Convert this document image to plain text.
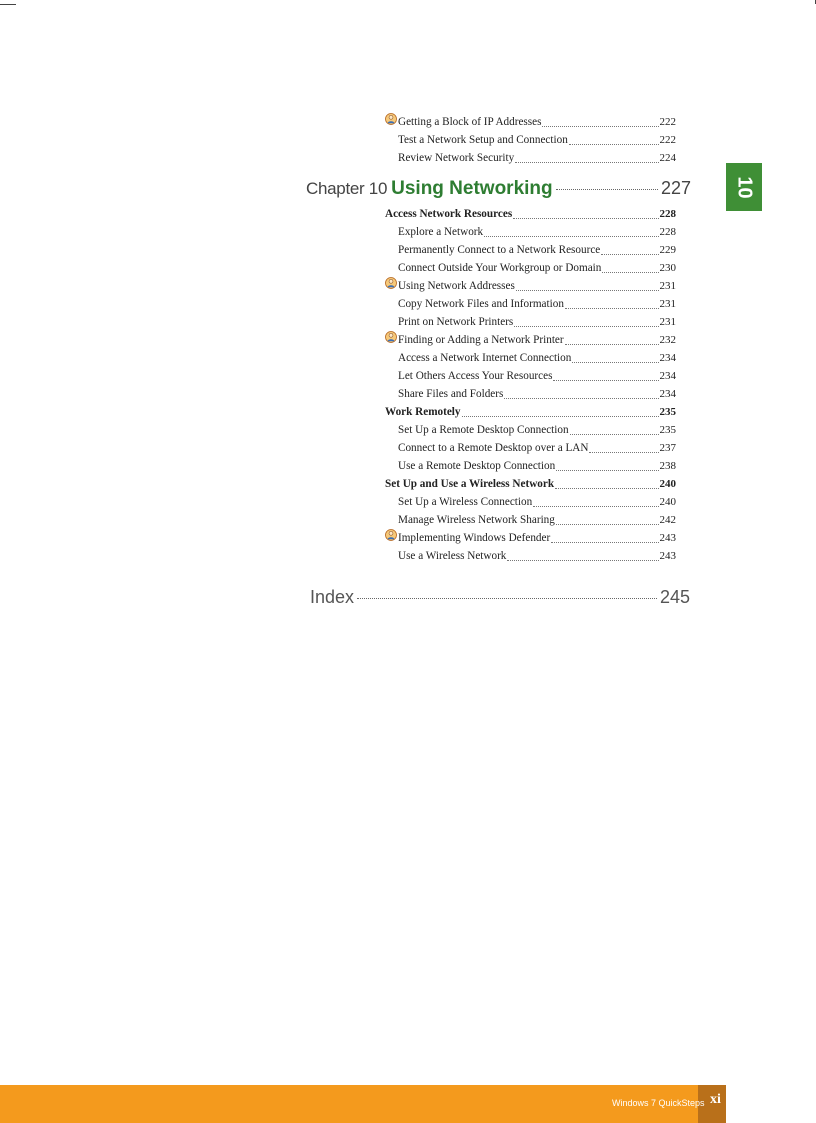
Getting a Block of IP Addresses	222
Test a Network Setup and Connection	222
Review Network Security	224
Chapter 10 Using Networking	227
Access Network Resources	228
Explore a Network	228
Permanently Connect to a Network Resource	229
Connect Outside Your Workgroup or Domain	230
Using Network Addresses	231
Copy Network Files and Information	231
Print on Network Printers	231
Finding or Adding a Network Printer	232
Access a Network Internet Connection	234
Let Others Access Your Resources	234
Share Files and Folders	234
Work Remotely	235
Set Up a Remote Desktop Connection	235
Connect to a Remote Desktop over a LAN	237
Use a Remote Desktop Connection	238
Set Up and Use a Wireless Network	240
Set Up a Wireless Connection	240
Manage Wireless Network Sharing	242
Implementing Windows Defender	243
Use a Wireless Network	243
Index	245
10
Windows 7 QuickSteps xi
